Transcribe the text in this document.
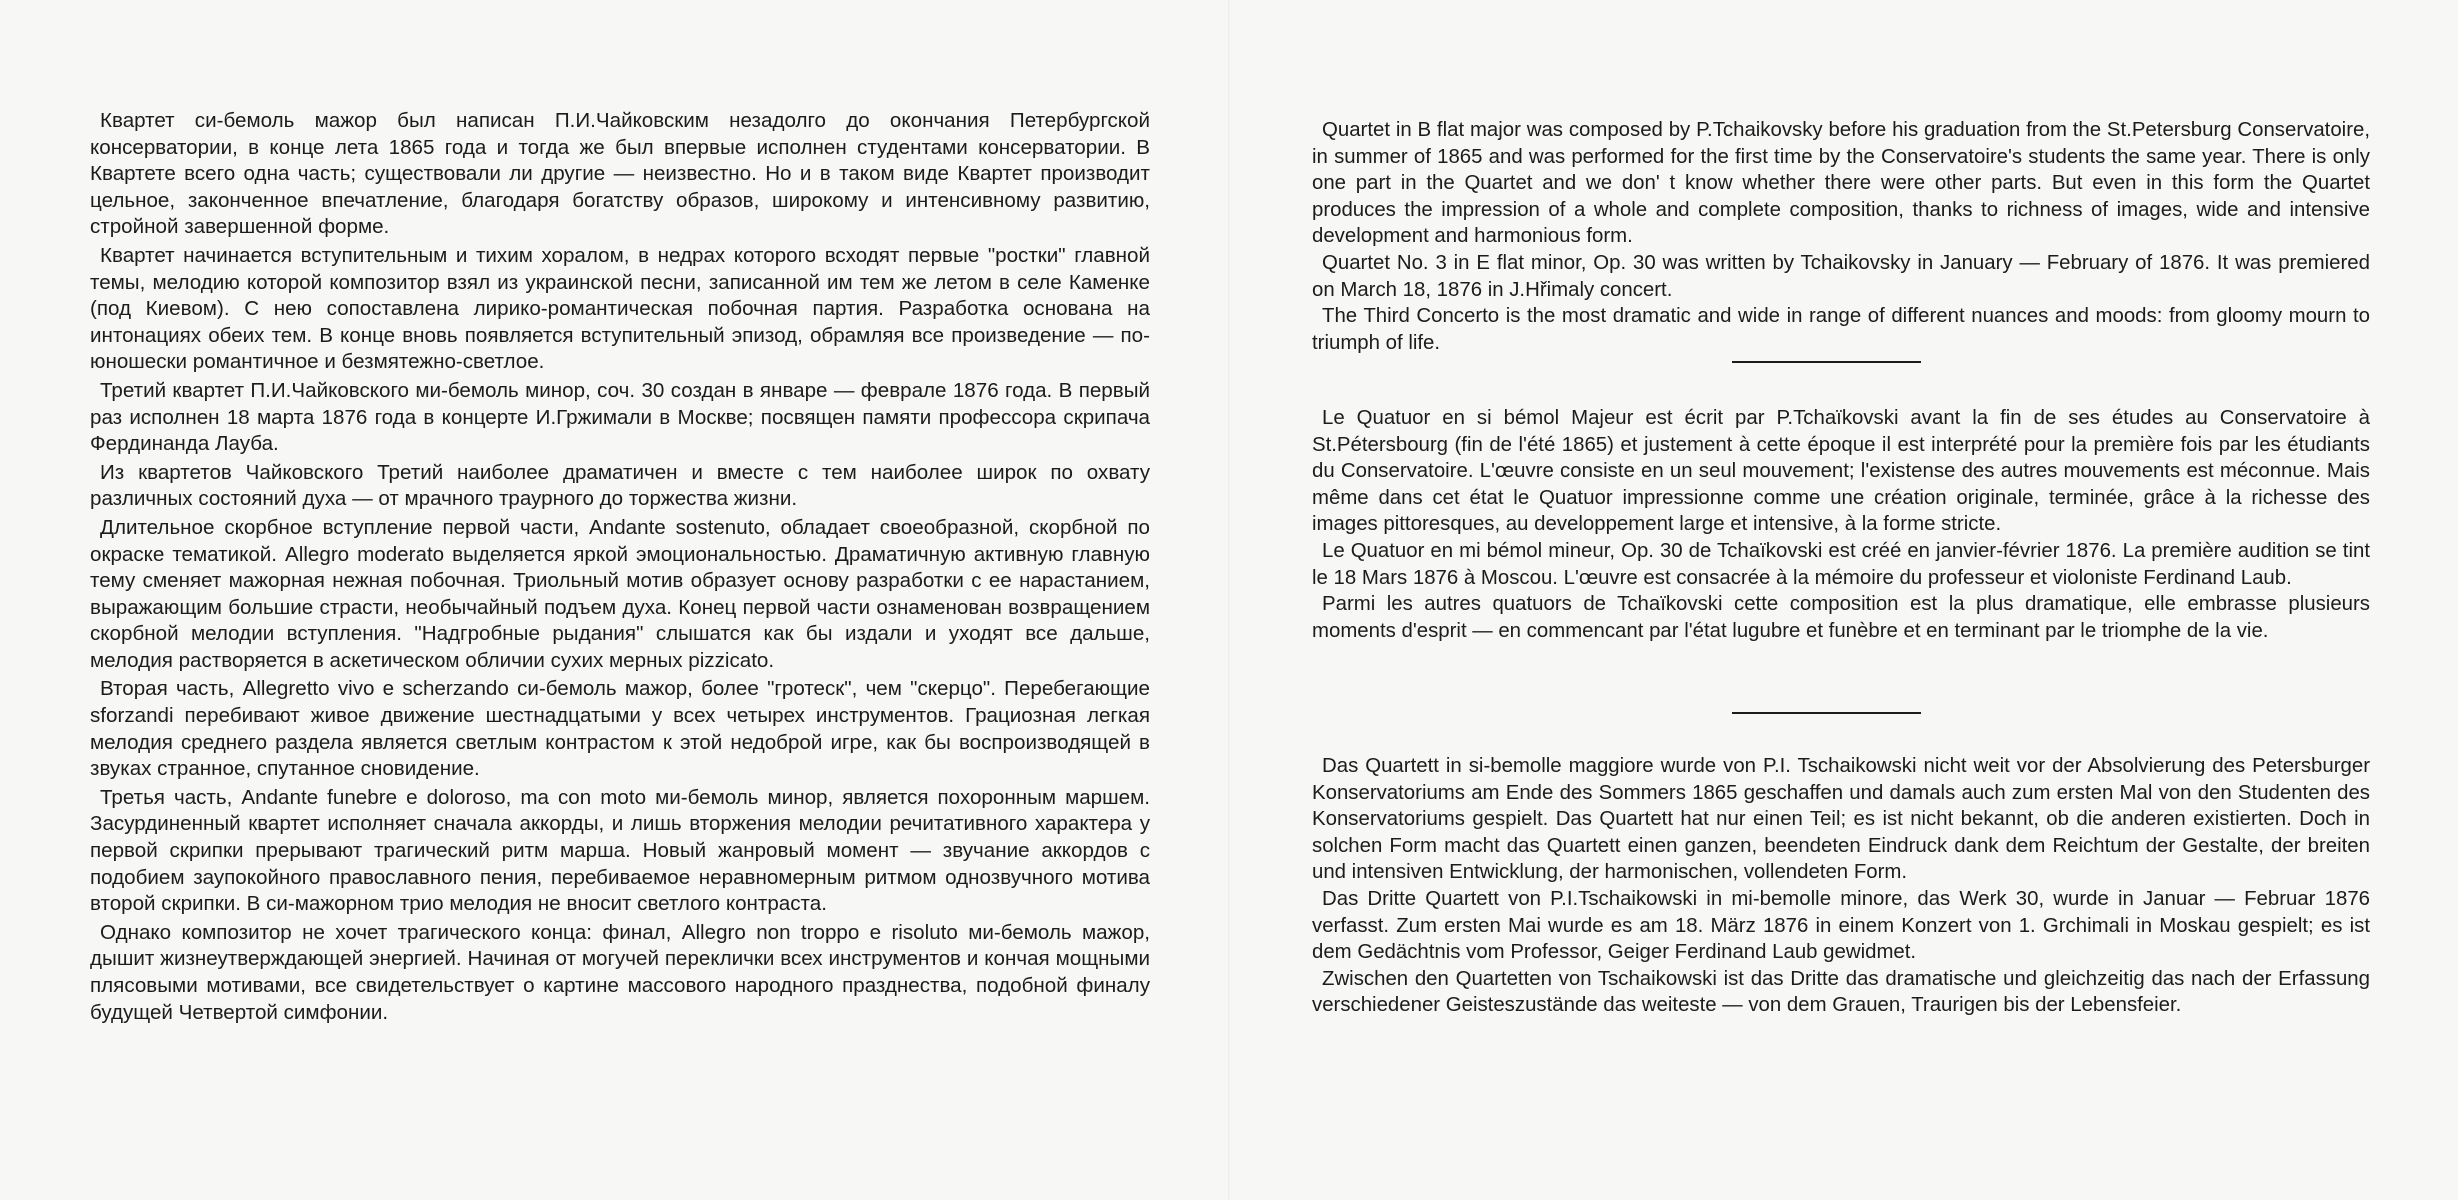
Квартет си-бемоль мажор был написан П.И.Чайковским незадолго до окончания Петербургской консерватории, в конце лета 1865 года и тогда же был впервые исполнен студентами консерватории. В Квартете всего одна часть; существовали ли другие — неизвестно. Но и в таком виде Квартет производит цельное, законченное впечатление, благодаря богатству образов, широкому и интенсивному развитию, стройной завершенной форме.

Квартет начинается вступительным и тихим хоралом, в недрах которого всходят первые "ростки" главной темы, мелодию которой композитор взял из украинской песни, записанной им тем же летом в селе Каменке (под Киевом). С нею сопоставлена лирико-романтическая побочная партия. Разработка основана на интонациях обеих тем. В конце вновь появляется вступительный эпизод, обрамляя все произведение — по-юношески романтичное и безмятежно-светлое.

Третий квартет П.И.Чайковского ми-бемоль минор, соч. 30 создан в январе — феврале 1876 года. В первый раз исполнен 18 марта 1876 года в концерте И.Гржимали в Москве; посвящен памяти профессора скрипача Фердинанда Лауба.

Из квартетов Чайковского Третий наиболее драматичен и вместе с тем наиболее широк по охвату различных состояний духа — от мрачного траурного до торжества жизни.

Длительное скорбное вступление первой части, Andante sostenuto, обладает своеобразной, скорбной по окраске тематикой. Allegro moderato выделяется яркой эмоциональностью. Драматичную активную главную тему сменяет мажорная нежная побочная. Триольный мотив образует основу разработки с ее нарастанием, выражающим большие страсти, необычайный подъем духа. Конец первой части ознаменован возвращением скорбной мелодии вступления. "Надгробные рыдания" слышатся как бы издали и уходят все дальше, мелодия растворяется в аскетическом обличии сухих мерных pizzicato.

Вторая часть, Allegretto vivo e scherzando си-бемоль мажор, более "гротеск", чем "скерцо". Перебегающие sforzandi перебивают живое движение шестнадцатыми у всех четырех инструментов. Грациозная легкая мелодия среднего раздела является светлым контрастом к этой недоброй игре, как бы воспроизводящей в звуках странное, спутанное сновидение.

Третья часть, Andante funebre e doloroso, ma con moto ми-бемоль минор, является похоронным маршем. Засурдиненный квартет исполняет сначала аккорды, и лишь вторжения мелодии речитативного характера у первой скрипки прерывают трагический ритм марша. Новый жанровый момент — звучание аккордов с подобием заупокойного православного пения, перебиваемое неравномерным ритмом однозвучного мотива второй скрипки. В си-мажорном трио мелодия не вносит светлого контраста.

Однако композитор не хочет трагического конца: финал, Allegro non troppo e risoluto ми-бемоль мажор, дышит жизнеутверждающей энергией. Начиная от могучей переклички всех инструментов и кончая мощными плясовыми мотивами, все свидетельствует о картине массового народного празднества, подобной финалу будущей Четвертой симфонии.

Quartet in B flat major was composed by P.Tchaikovsky before his graduation from the St.Petersburg Conservatoire, in summer of 1865 and was performed for the first time by the Conservatoire's students the same year. There is only one part in the Quartet and we don' t know whether there were other parts. But even in this form the Quartet produces the impression of a whole and complete composition, thanks to richness of images, wide and intensive development and harmonious form.

Quartet No. 3 in E flat minor, Op. 30 was written by Tchaikovsky in January — February of 1876. It was premiered on March 18, 1876 in J.Hřimaly concert.

The Third Concerto is the most dramatic and wide in range of different nuances and moods: from gloomy mourn to triumph of life.

Le Quatuor en si bémol Majeur est écrit par P.Tchaïkovski avant la fin de ses études au Conservatoire à St.Pétersbourg (fin de l'été 1865) et justement à cette époque il est interprété pour la première fois par les étudiants du Conservatoire. L'œuvre consiste en un seul mouvement; l'existense des autres mouvements est méconnue. Mais même dans cet état le Quatuor impressionne comme une création originale, terminée, grâce à la richesse des images pittoresques, au developpement large et intensive, à la forme stricte.

Le Quatuor en mi bémol mineur, Op. 30 de Tchaïkovski est créé en janvier-février 1876. La première audition se tint le 18 Mars 1876 à Moscou. L'œuvre est consacrée à la mémoire du professeur et violoniste Ferdinand Laub.

Parmi les autres quatuors de Tchaïkovski cette composition est la plus dramatique, elle embrasse plusieurs moments d'esprit — en commencant par l'état lugubre et funèbre et en terminant par le triomphe de la vie.

Das Quartett in si-bemolle maggiore wurde von P.I. Tschaikowski nicht weit vor der Absolvierung des Petersburger Konservatoriums am Ende des Sommers 1865 geschaffen und damals auch zum ersten Mal von den Studenten des Konservatoriums gespielt. Das Quartett hat nur einen Teil; es ist nicht bekannt, ob die anderen existierten. Doch in solchen Form macht das Quartett einen ganzen, beendeten Eindruck dank dem Reichtum der Gestalte, der breiten und intensiven Entwicklung, der harmonischen, vollendeten Form.

Das Dritte Quartett von P.I.Tschaikowski in mi-bemolle minore, das Werk 30, wurde in Januar — Februar 1876 verfasst. Zum ersten Mai wurde es am 18. März 1876 in einem Konzert von 1. Grchimali in Moskau gespielt; es ist dem Gedächtnis vom Professor, Geiger Ferdinand Laub gewidmet.

Zwischen den Quartetten von Tschaikowski ist das Dritte das dramatische und gleichzeitig das nach der Erfassung verschiedener Geisteszustände das weiteste — von dem Grauen, Traurigen bis der Lebensfeier.
